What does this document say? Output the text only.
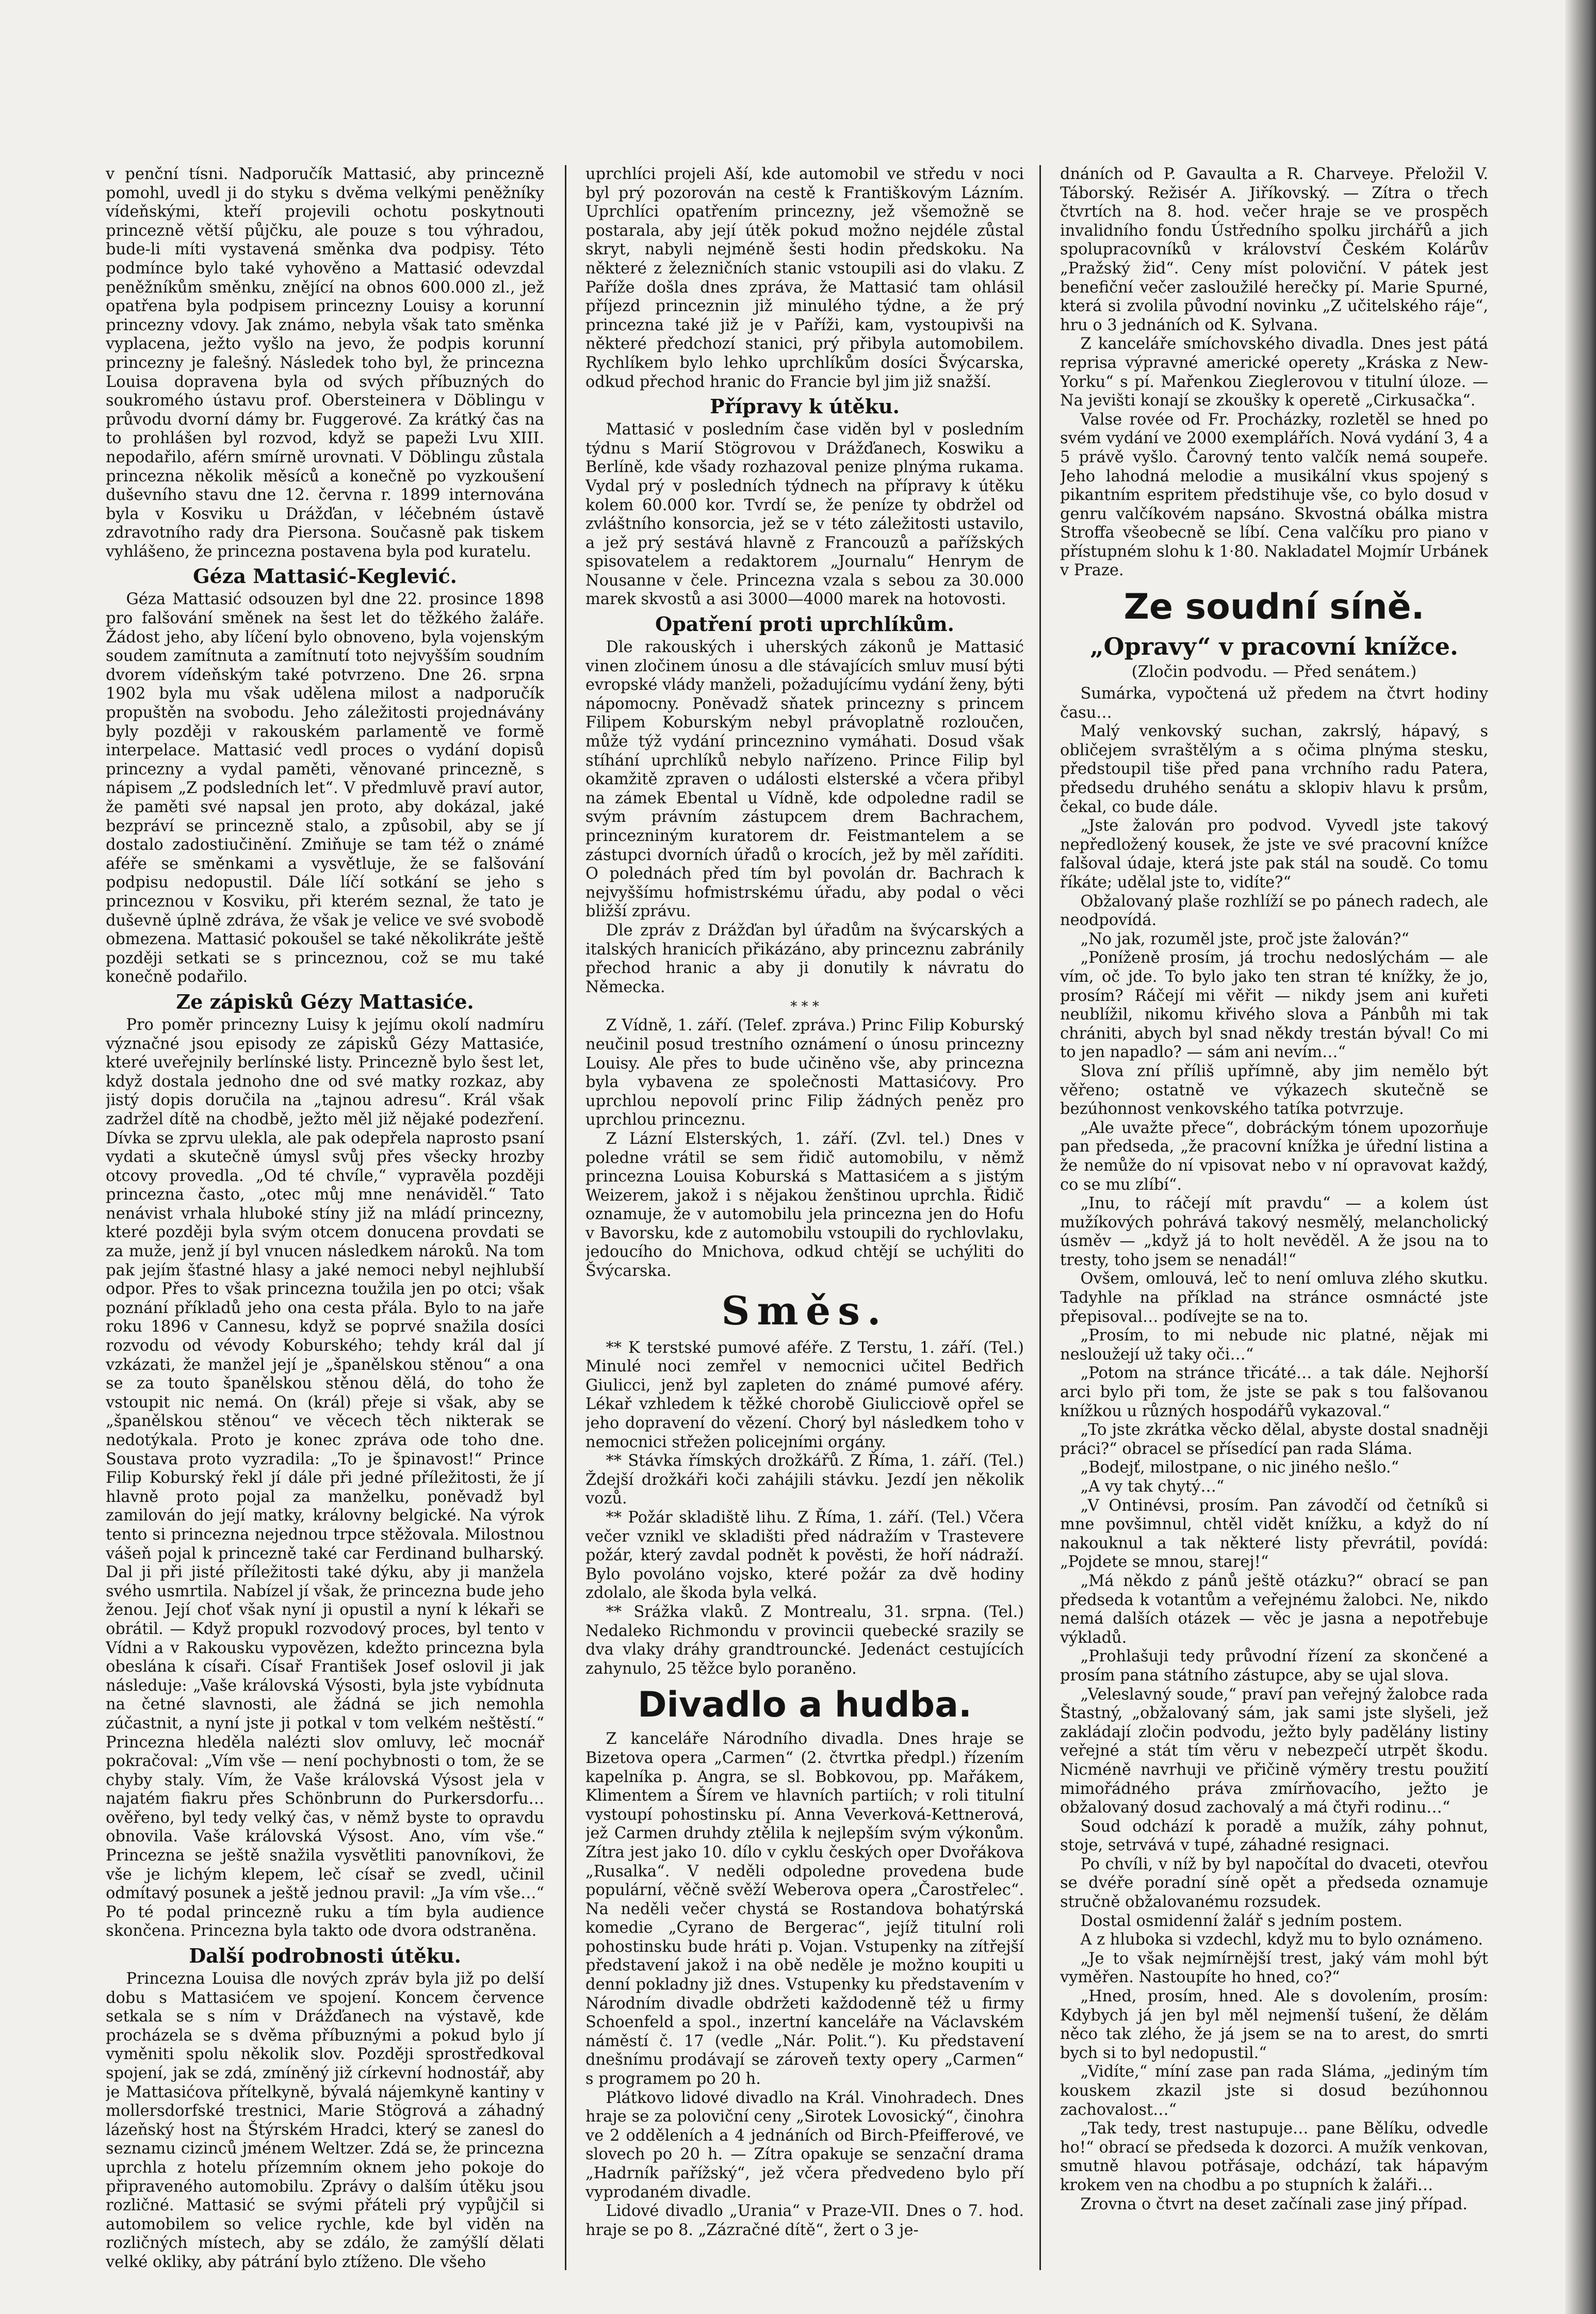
v penční tísni. Nadporučík Mattasić, aby princezně pomohl, uvedl ji do styku s dvěma velkými peněžníky vídeňskými, kteří projevili ochotu poskytnouti princezně větší půjčku, ale pouze s tou výhradou, bude-li míti vystavená směnka dva podpisy. Této podmínce bylo také vyhověno a Mattasić odevzdal peněžníkům směnku, znějící na obnos 600.000 zl., jež opatřena byla podpisem princezny Louisy a korunní princezny vdovy. Jak známo, nebyla však tato směnka vyplacena, ježto vyšlo na jevo, že podpis korunní princezny je falešný. Následek toho byl, že princezna Louisa dopravena byla od svých příbuzných do soukromého ústavu prof. Obersteinera v Döblingu v průvodu dvorní dámy br. Fuggerové. Za krátký čas na to prohlášen byl rozvod, když se papeži Lvu XIII. nepodařilo, aférn smírně urovnati. V Döblingu zůstala princezna několik měsíců a konečně po vyzkoušení duševního stavu dne 12. června r. 1899 internována byla v Kosviku u Drážďan, v léčebném ústavě zdravotního rady dra Piersona. Současně pak tiskem vyhlášeno, že princezna postavena byla pod kuratelu.

Géza Mattasić-Keglević.

Géza Mattasić odsouzen byl dne 22. prosince 1898 pro falšování směnek na šest let do těžkého žaláře. Žádost jeho, aby líčení bylo obnoveno, byla vojenským soudem zamítnuta a zamítnutí toto nejvyšším soudním dvorem vídeňským také potvrzeno. Dne 26. srpna 1902 byla mu však udělena milost a nadporučík propuštěn na svobodu. Jeho záležitosti projednávány byly později v rakouském parlamentě ve formě interpelace. Mattasić vedl proces o vydání dopisů princezny a vydal paměti, věnované princezně, s nápisem „Z podsledních let“. V předmluvě praví autor, že paměti své napsal jen proto, aby dokázal, jaké bezpráví se princezně stalo, a způsobil, aby se jí dostalo zadostiučinění. Zmiňuje se tam též o známé aféře se směnkami a vysvětluje, že se falšování podpisu nedopustil. Dále líčí sotkání se jeho s princeznou v Kosviku, při kterém seznal, že tato je duševně úplně zdráva, že však je velice ve své svobodě obmezena. Mattasić pokoušel se také několikráte ještě později setkati se s princeznou, což se mu také konečně podařilo.

Ze zápisků Gézy Mattasiće.

Pro poměr princezny Luisy k jejímu okolí nadmíru význačné jsou episody ze zápisků Gézy Mattasiće, které uveřejnily berlínské listy. Princezně bylo šest let, když dostala jednoho dne od své matky rozkaz, aby jistý dopis doručila na „tajnou adresu“. Král však zadržel dítě na chodbě, ježto měl již nějaké podezření. Dívka se zprvu ulekla, ale pak odepřela naprosto psaní vydati a skutečně úmysl svůj přes všecky hrozby otcovy provedla. „Od té chvíle,“ vypravěla později princezna často, „otec můj mne nenáviděl.“ Tato nenávist vrhala hluboké stíny již na mládí princezny, které později byla svým otcem donucena provdati se za muže, jenž jí byl vnucen následkem nároků. Na tom pak jejím šťastné hlasy a jaké nemoci nebyl nejhlubší odpor. Přes to však princezna toužila jen po otci; však poznání příkladů jeho ona cesta přála. Bylo to na jaře roku 1896 v Cannesu, když se poprvé snažila dosíci rozvodu od vévody Koburského; tehdy král dal jí vzkázati, že manžel její je „španělskou stěnou“ a ona se za touto španělskou stěnou dělá, do toho že vstoupit nic nemá. On (král) přeje si však, aby se „španělskou stěnou“ ve věcech těch nikterak se nedotýkala. Proto je konec zpráva ode toho dne. Soustava proto vyzradila: „To je špinavost!“ Prince Filip Koburský řekl jí dále při jedné příležitosti, že jí hlavně proto pojal za manželku, poněvadž byl zamilován do její matky, královny belgické. Na výrok tento si princezna nejednou trpce stěžovala. Milostnou vášeň pojal k princezně také car Ferdinand bulharský. Dal ji při jisté příležitosti také dýku, aby ji manžela svého usmrtila. Nabízel jí však, že princezna bude jeho ženou. Její choť však nyní ji opustil a nyní k lékaři se obrátil. — Když propukl rozvodový proces, byl tento v Vídni a v Rakousku vypovězen, kdežto princezna byla obeslána k císaři. Císař František Josef oslovil ji jak následuje: „Vaše královská Výsosti, byla jste vybídnuta na četné slavnosti, ale žádná se jich nemohla zúčastnit, a nyní jste ji potkal v tom velkém neštěstí.“ Princezna hleděla nalézti slov omluvy, leč mocnář pokračoval: „Vím vše — není pochybnosti o tom, že se chyby staly. Vím, že Vaše královská Výsost jela v najatém fiakru přes Schönbrunn do Purkersdorfu… ověřeno, byl tedy velký čas, v němž byste to opravdu obnovila. Vaše královská Výsost. Ano, vím vše.“ Princezna se ještě snažila vysvětliti panovníkovi, že vše je lichým klepem, leč císař se zvedl, učinil odmítavý posunek a ještě jednou pravil: „Ja vím vše…“ Po té podal princezně ruku a tím byla audience skončena. Princezna byla takto ode dvora odstraněna.

Další podrobnosti útěku.

Princezna Louisa dle nových zpráv byla již po delší dobu s Mattasićem ve spojení. Koncem července setkala se s ním v Drážďanech na výstavě, kde procházela se s dvěma příbuznými a pokud bylo jí vyměniti spolu několik slov. Později sprostředkoval spojení, jak se zdá, zmíněný již církevní hodnostář, aby je Mattasićova přítelkyně, bývalá nájemkyně kantiny v mollersdorfské trestnici, Marie Stögrová a záhadný lázeňský host na Štýrském Hradci, který se zanesl do seznamu cizinců jménem Weltzer. Zdá se, že princezna uprchla z hotelu přízemním oknem jeho pokoje do připraveného automobilu. Zprávy o dalším útěku jsou rozličné. Mattasić se svými přáteli prý vypůjčil si automobilem so velice rychle, kde byl viděn na rozličných místech, aby se zdálo, že zamýšlí dělati velké okliky, aby pátrání bylo ztíženo. Dle všeho

uprchlíci projeli Aší, kde automobil ve středu v noci byl prý pozorován na cestě k Františkovým Lázním. Uprchlíci opatřením princezny, jež všemožně se postarala, aby její útěk pokud možno nejdéle zůstal skryt, nabyli nejméně šesti hodin předskoku. Na některé z železničních stanic vstoupili asi do vlaku. Z Paříže došla dnes zpráva, že Mattasić tam ohlásil příjezd princeznin již minulého týdne, a že prý princezna také již je v Paříži, kam, vystoupivši na některé předchozí stanici, prý přibyla automobilem. Rychlíkem bylo lehko uprchlíkům dosíci Švýcarska, odkud přechod hranic do Francie byl jim již snažší.

Přípravy k útěku.

Mattasić v posledním čase viděn byl v posledním týdnu s Marií Stögrovou v Drážďanech, Koswiku a Berlíně, kde všady rozhazoval penize plnýma rukama. Vydal prý v posledních týdnech na přípravy k útěku kolem 60.000 kor. Tvrdí se, že peníze ty obdržel od zvláštního konsorcia, jež se v této záležitosti ustavilo, a jež prý sestává hlavně z Francouzů a pařížských spisovatelem a redaktorem „Journalu“ Henrym de Nousanne v čele. Princezna vzala s sebou za 30.000 marek skvostů a asi 3000—4000 marek na hotovosti.

Opatření proti uprchlíkům.

Dle rakouských i uherských zákonů je Mattasić vinen zločinem únosu a dle stávajících smluv musí býti evropské vlády manželi, požadujícímu vydání ženy, býti nápomocny. Poněvadž sňatek princezny s princem Filipem Koburským nebyl právoplatně rozloučen, může týž vydání princeznino vymáhati. Dosud však stíhání uprchlíků nebylo nařízeno. Prince Filip byl okamžitě zpraven o události elsterské a včera přibyl na zámek Ebental u Vídně, kde odpoledne radil se svým právním zástupcem drem Bachrachem, princezniným kuratorem dr. Feistmantelem a se zástupci dvorních úřadů o krocích, jež by měl zaříditi. O polednách před tím byl povolán dr. Bachrach k nejvyššímu hofmistrskému úřadu, aby podal o věci bližší zprávu.

Dle zpráv z Drážďan byl úřadům na švýcarských a italských hranicích přikázáno, aby princeznu zabránily přechod hranic a aby ji donutily k návratu do Německa.

* * *

Z Vídně, 1. září. (Telef. zpráva.) Princ Filip Koburský neučinil posud trestního oznámení o únosu princezny Louisy. Ale přes to bude učiněno vše, aby princezna byla vybavena ze společnosti Mattasićovy. Pro uprchlou nepovolí princ Filip žádných peněz pro uprchlou princeznu.

Z Lázní Elsterských, 1. září. (Zvl. tel.) Dnes v poledne vrátil se sem řidič automobilu, v němž princezna Louisa Koburská s Mattasićem a s jistým Weizerem, jakož i s nějakou ženštinou uprchla. Řidič oznamuje, že v automobilu jela princezna jen do Hofu v Bavorsku, kde z automobilu vstoupili do rychlovlaku, jedoucího do Mnichova, odkud chtějí se uchýliti do Švýcarska.

Směs.

** K terstské pumové aféře. Z Terstu, 1. září. (Tel.) Minulé noci zemřel v nemocnici učitel Bedřich Giulicci, jenž byl zapleten do známé pumové aféry. Lékař vzhledem k těžké chorobě Giulicciově opřel se jeho dopravení do vězení. Chorý byl následkem toho v nemocnici střežen policejními orgány.

** Stávka římských drožkářů. Z Říma, 1. září. (Tel.) Ždejší drožkáři koči zahájili stávku. Jezdí jen několik vozů.

** Požár skladiště lihu. Z Říma, 1. září. (Tel.) Včera večer vznikl ve skladišti před nádražím v Trastevere požár, který zavdal podnět k pověsti, že hoří nádraží. Bylo povoláno vojsko, které požár za dvě hodiny zdolalo, ale škoda byla velká.

** Srážka vlaků. Z Montrealu, 31. srpna. (Tel.) Nedaleko Richmondu v provincii quebecké srazily se dva vlaky dráhy grandtrouncké. Jedenáct cestujících zahynulo, 25 těžce bylo poraněno.

Divadlo a hudba.

Z kanceláře Národního divadla. Dnes hraje se Bizetova opera „Carmen“ (2. čtvrtka předpl.) řízením kapelníka p. Angra, se sl. Bobkovou, pp. Mařákem, Klimentem a Šírem ve hlavních partiích; v roli titulní vystoupí pohostinsku pí. Anna Veverková-Kettnerová, jež Carmen druhdy ztělila k nejlepším svým výkonům. Zítra jest jako 10. dílo v cyklu českých oper Dvořákova „Rusalka“. V neděli odpoledne provedena bude populární, věčně svěží Weberova opera „Čarostřelec“. Na neděli večer chystá se Rostandova bohatýrská komedie „Cyrano de Bergerac“, jejíž titulní roli pohostinsku bude hráti p. Vojan. Vstupenky na zítřejší představení jakož i na obě neděle je možno koupiti u denní pokladny již dnes. Vstupenky ku představením v Národním divadle obdržeti každodenně též u firmy Schoenfeld a spol., inzertní kanceláře na Václavském náměstí č. 17 (vedle „Nár. Polit.“). Ku představení dnešnímu prodávají se zároveň texty opery „Carmen“ s programem po 20 h.

Plátkovo lidové divadlo na Král. Vinohradech. Dnes hraje se za poloviční ceny „Sirotek Lovosický“, činohra ve 2 odděleních a 4 jednáních od Birch-Pfeifferové, ve slovech po 20 h. — Zítra opakuje se senzační drama „Hadrník pařížský“, jež včera předvedeno bylo pří vyprodaném divadle.

Lidové divadlo „Urania“ v Praze-VII. Dnes o 7. hod. hraje se po 8. „Zázračné dítě“, žert o 3 je-

dnáních od P. Gavaulta a R. Charveye. Přeložil V. Táborský. Režisér A. Jiříkovský. — Zítra o třech čtvrtích na 8. hod. večer hraje se ve prospěch invalidního fondu Ústředního spolku jirchářů a jich spolupracovníků v království Českém Kolárův „Pražský žid“. Ceny míst poloviční. V pátek jest benefiční večer zasloužilé herečky pí. Marie Spurné, která si zvolila původní novinku „Z učitelského ráje“, hru o 3 jednáních od K. Sylvana.

Z kanceláře smíchovského divadla. Dnes jest pátá reprisa výpravné americké operety „Kráska z New-Yorku“ s pí. Mařenkou Zieglerovou v titulní úloze. — Na jevišti konají se zkoušky k operetě „Cirkusačka“.

Valse rovée od Fr. Procházky, rozletěl se hned po svém vydání ve 2000 exemplářích. Nová vydání 3, 4 a 5 právě vyšlo. Čarovný tento valčík nemá soupeře. Jeho lahodná melodie a musikální vkus spojený s pikantním espritem předstihuje vše, co bylo dosud v genru valčíkovém napsáno. Skvostná obálka mistra Stroffa všeobecně se líbí. Cena valčíku pro piano v přístupném slohu k 1·80. Nakladatel Mojmír Urbánek v Praze.

Ze soudní síně.
„Opravy“ v pracovní knížce.
(Zločin podvodu. — Před senátem.)

Sumárka, vypočtená už předem na čtvrt hodiny času…

Malý venkovský suchan, zakrslý, hápavý, s obličejem svraštělým a s očima plnýma stesku, předstoupil tiše před pana vrchního radu Patera, předsedu druhého senátu a sklopiv hlavu k prsům, čekal, co bude dále.

„Jste žalován pro podvod. Vyvedl jste takový nepředložený kousek, že jste ve své pracovní knížce falšoval údaje, která jste pak stál na soudě. Co tomu říkáte; udělal jste to, vidíte?“

Obžalovaný plaše rozhlíží se po pánech radech, ale neodpovídá.

„No jak, rozuměl jste, proč jste žalován?“

„Poníženě prosím, já trochu nedoslýchám — ale vím, oč jde. To bylo jako ten stran té knížky, že jo, prosím? Ráčejí mi věřit — nikdy jsem ani kuřeti neublížil, nikomu křivého slova a Pánbůh mi tak chrániti, abych byl snad někdy trestán býval! Co mi to jen napadlo? — sám ani nevím…“

Slova zní příliš upřímně, aby jim nemělo být věřeno; ostatně ve výkazech skutečně se bezúhonnost venkovského tatíka potvrzuje.

„Ale uvažte přece“, dobráckým tónem upozorňuje pan předseda, „že pracovní knížka je úřední listina a že nemůže do ní vpisovat nebo v ní opravovat každý, co se mu zlíbí“.

„Inu, to ráčejí mít pravdu“ — a kolem úst mužíkových pohrává takový nesmělý, melancholický úsměv — „když já to holt nevěděl. A že jsou na to tresty, toho jsem se nenadál!“

Ovšem, omlouvá, leč to není omluva zlého skutku. Tadyhle na příklad na stránce osmnácté jste přepisoval… podívejte se na to.

„Prosím, to mi nebude nic platné, nějak mi nesloužejí už taky oči…“

„Potom na stránce třicáté… a tak dále. Nejhorší arci bylo při tom, že jste se pak s tou falšovanou knížkou u různých hospodářů vykazoval.“

„To jste zkrátka věcko dělal, abyste dostal snadněji práci?“ obracel se přísedící pan rada Sláma.

„Bodejť, milostpane, o nic jiného nešlo.“

„A vy tak chytý…“

„V Ontinévsi, prosím. Pan závodčí od četníků si mne povšimnul, chtěl vidět knížku, a když do ní nakouknul a tak některé listy převrátil, povídá: „Pojdete se mnou, starej!“

„Má někdo z pánů ještě otázku?“ obrací se pan předseda k votantům a veřejnému žalobci. Ne, nikdo nemá dalších otázek — věc je jasna a nepotřebuje výkladů.

„Prohlašuji tedy průvodní řízení za skončené a prosím pana státního zástupce, aby se ujal slova.

„Veleslavný soude,“ praví pan veřejný žalobce rada Štastný, „obžalovaný sám, jak sami jste slyšeli, jež zakládají zločin podvodu, ježto byly padělány listiny veřejné a stát tím věru v nebezpečí utrpět škodu. Nicméně navrhuji ve přičině výměry trestu použití mimořádného práva zmírňovacího, ježto je obžalovaný dosud zachovalý a má čtyři rodinu…“

Soud odchází k poradě a mužík, záhy pohnut, stoje, setrvává v tupé, záhadné resignaci.

Po chvíli, v níž by byl napočítal do dvaceti, otevřou se dvéře poradní síně opět a předseda oznamuje stručně obžalovanému rozsudek.

Dostal osmidenní žalář s jedním postem.

A z hluboka si vzdechl, když mu to bylo oznámeno.

„Je to však nejmírnější trest, jaký vám mohl být vyměřen. Nastoupíte ho hned, co?“

„Hned, prosím, hned. Ale s dovolením, prosím: Kdybych já jen byl měl nejmenší tušení, že dělám něco tak zlého, že já jsem se na to arest, do smrti bych si to byl nedopustil.“

„Vidíte,“ míní zase pan rada Sláma, „jediným tím kouskem zkazil jste si dosud bezúhonnou zachovalost…“

„Tak tedy, trest nastupuje… pane Bělíku, odvedle ho!“ obrací se předseda k dozorci. A mužík venkovan, smutně hlavou potřásaje, odchází, tak hápavým krokem ven na chodbu a po stupních k žaláři…

Zrovna o čtvrt na deset začínali zase jiný případ.
